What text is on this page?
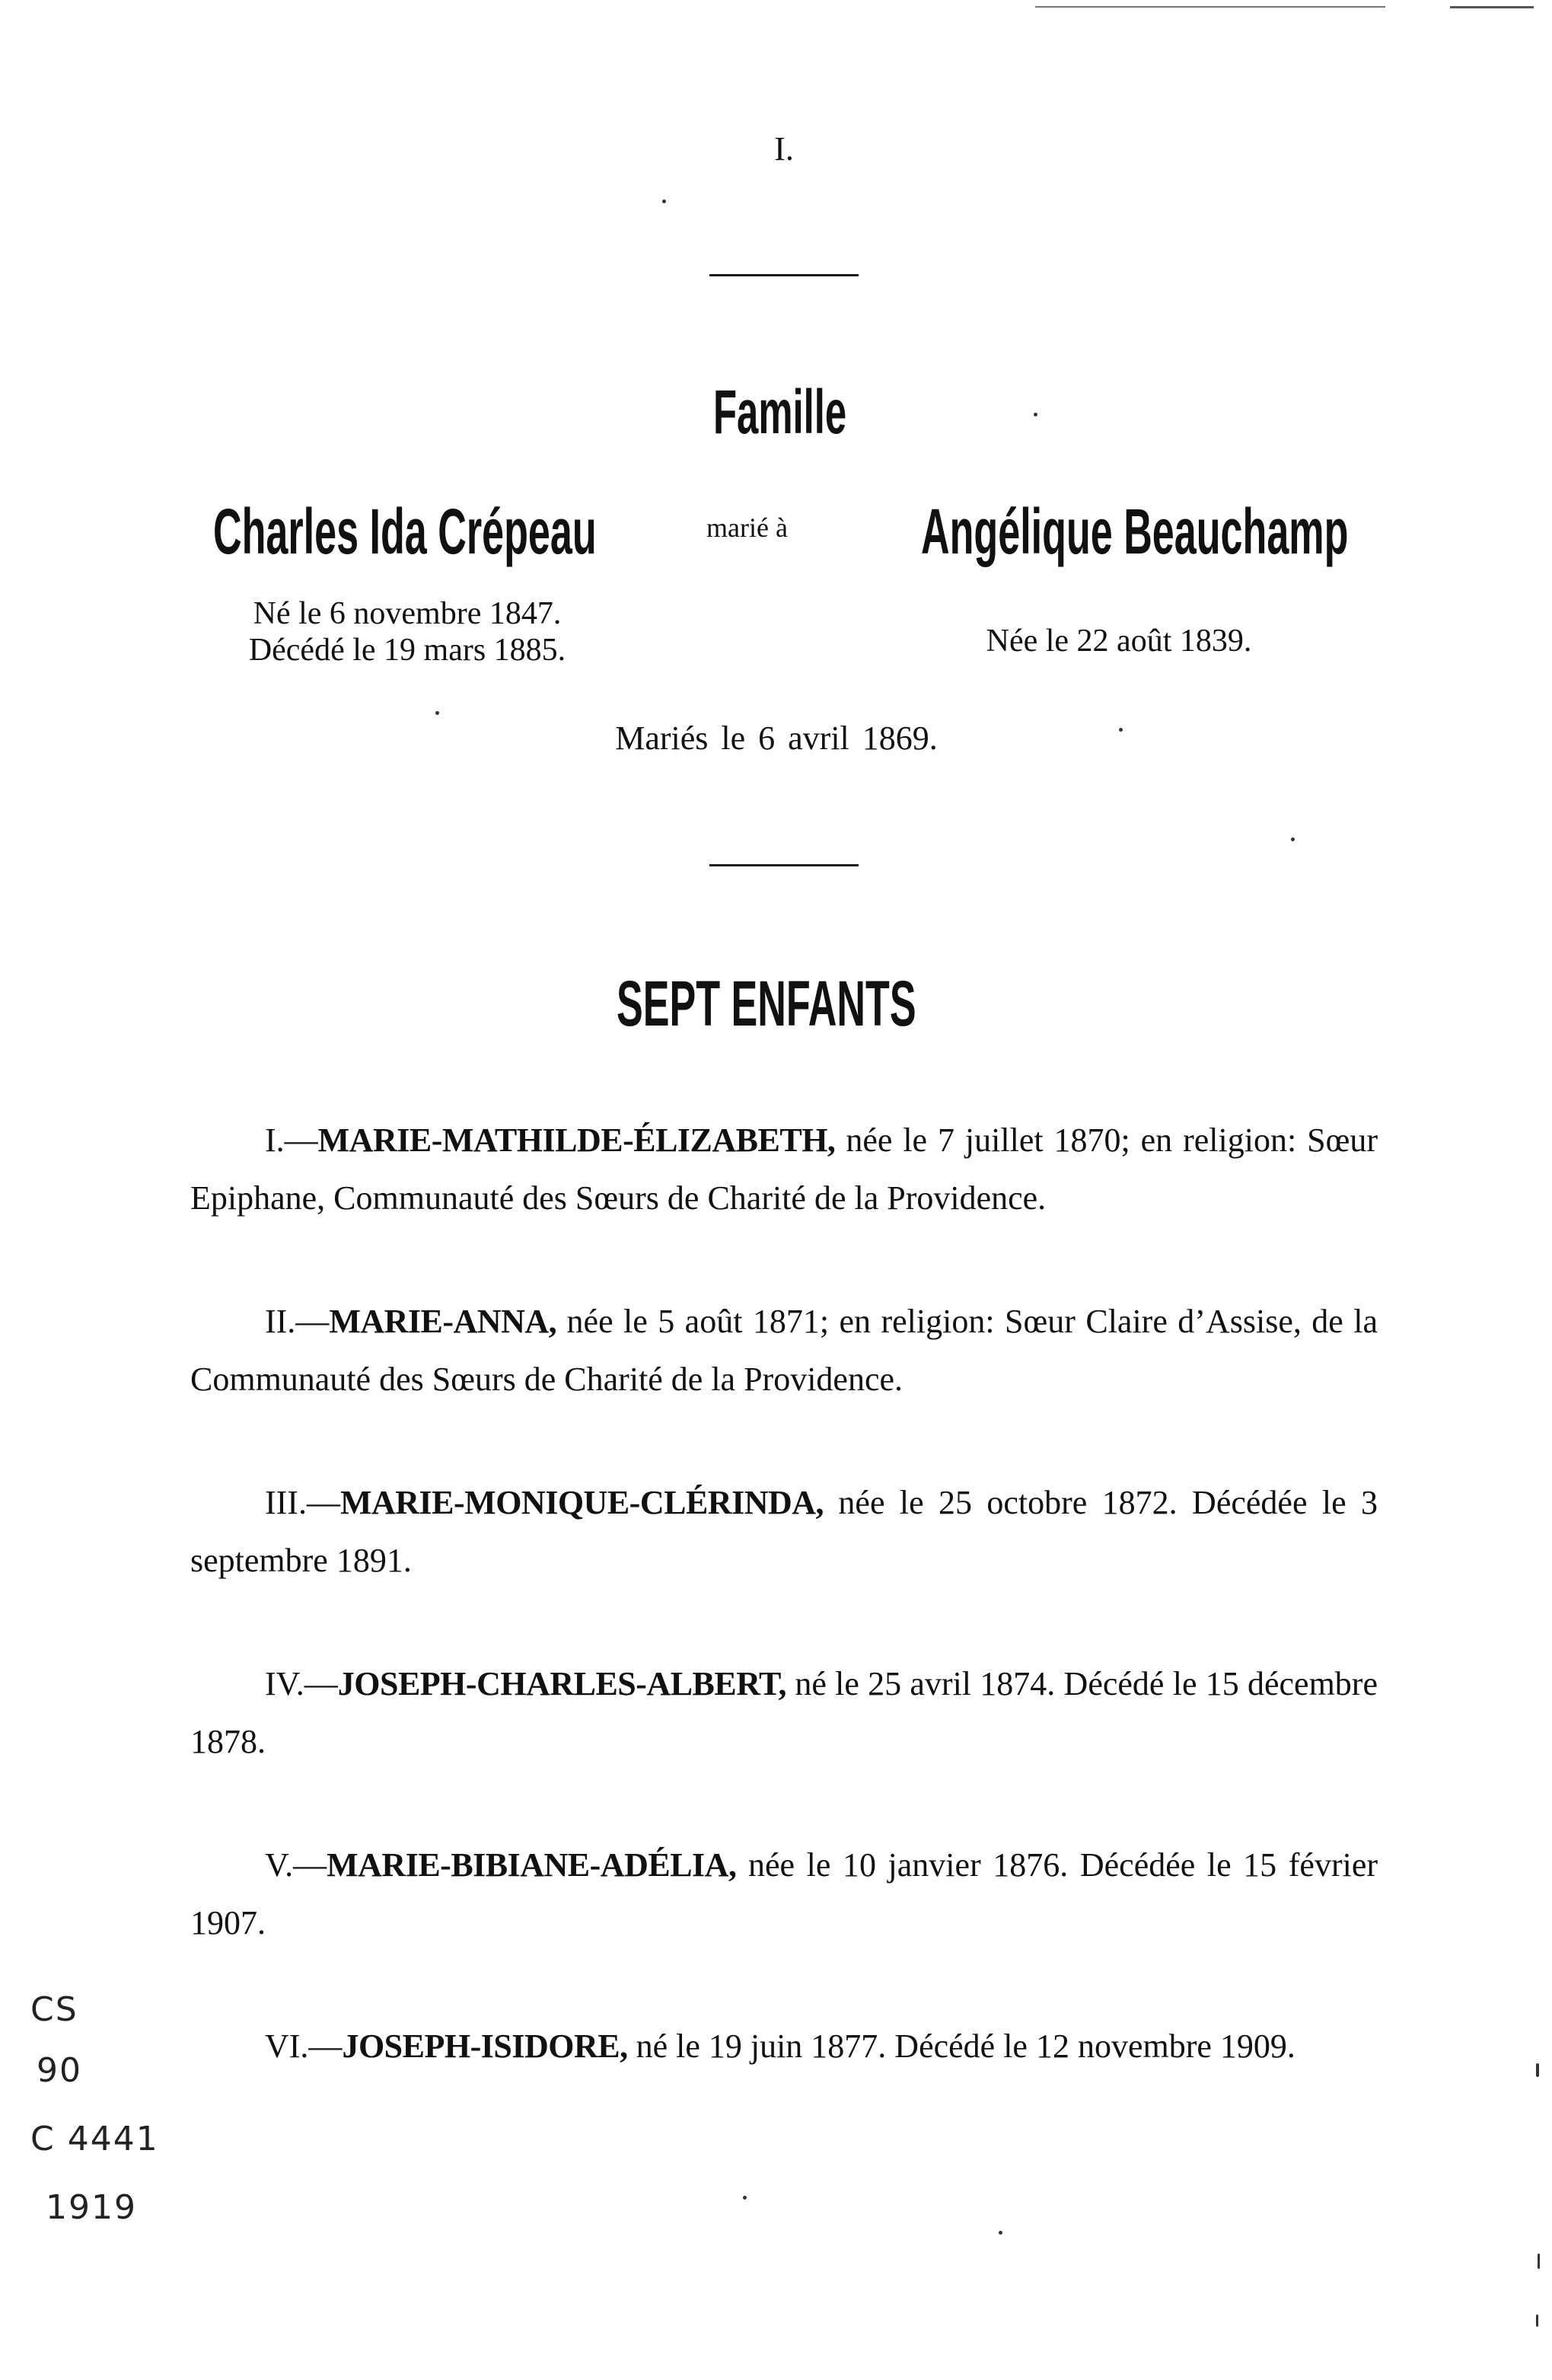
I.
Famille
Charles Ida Crépeau	marié à Angélique Beauchamp
Né le 6 novembre 1847.
Décédé le 19 mars 1885.	Née le 22 août 1839.
Mariés le 6 avril 1869.
SEPT ENFANTS

I.—MARIE-MATHILDE-ÉLIZABETH, née le 7 juillet 1870; en religion: Sœur Epiphane, Communauté des Sœurs de Charité de la Providence.

II.—MARIE-ANNA, née le 5 août 1871; en religion: Sœur Claire d’Assise, de la Communauté des Sœurs de Charité de la Providence.

III.—MARIE-MONIQUE-CLÉRINDA, née le 25 octobre 1872. Décédée le 3 septembre 1891.

IV.—JOSEPH-CHARLES-ALBERT, né le 25 avril 1874. Décédé le 15 décembre 1878.

V.—MARIE-BIBIANE-ADÉLIA, née le 10 janvier 1876. Décédée le 15 février 1907.

VI.—JOSEPH-ISIDORE, né le 19 juin 1877. Décédé le 12 novembre 1909.

CS
90
C 4441
1919
